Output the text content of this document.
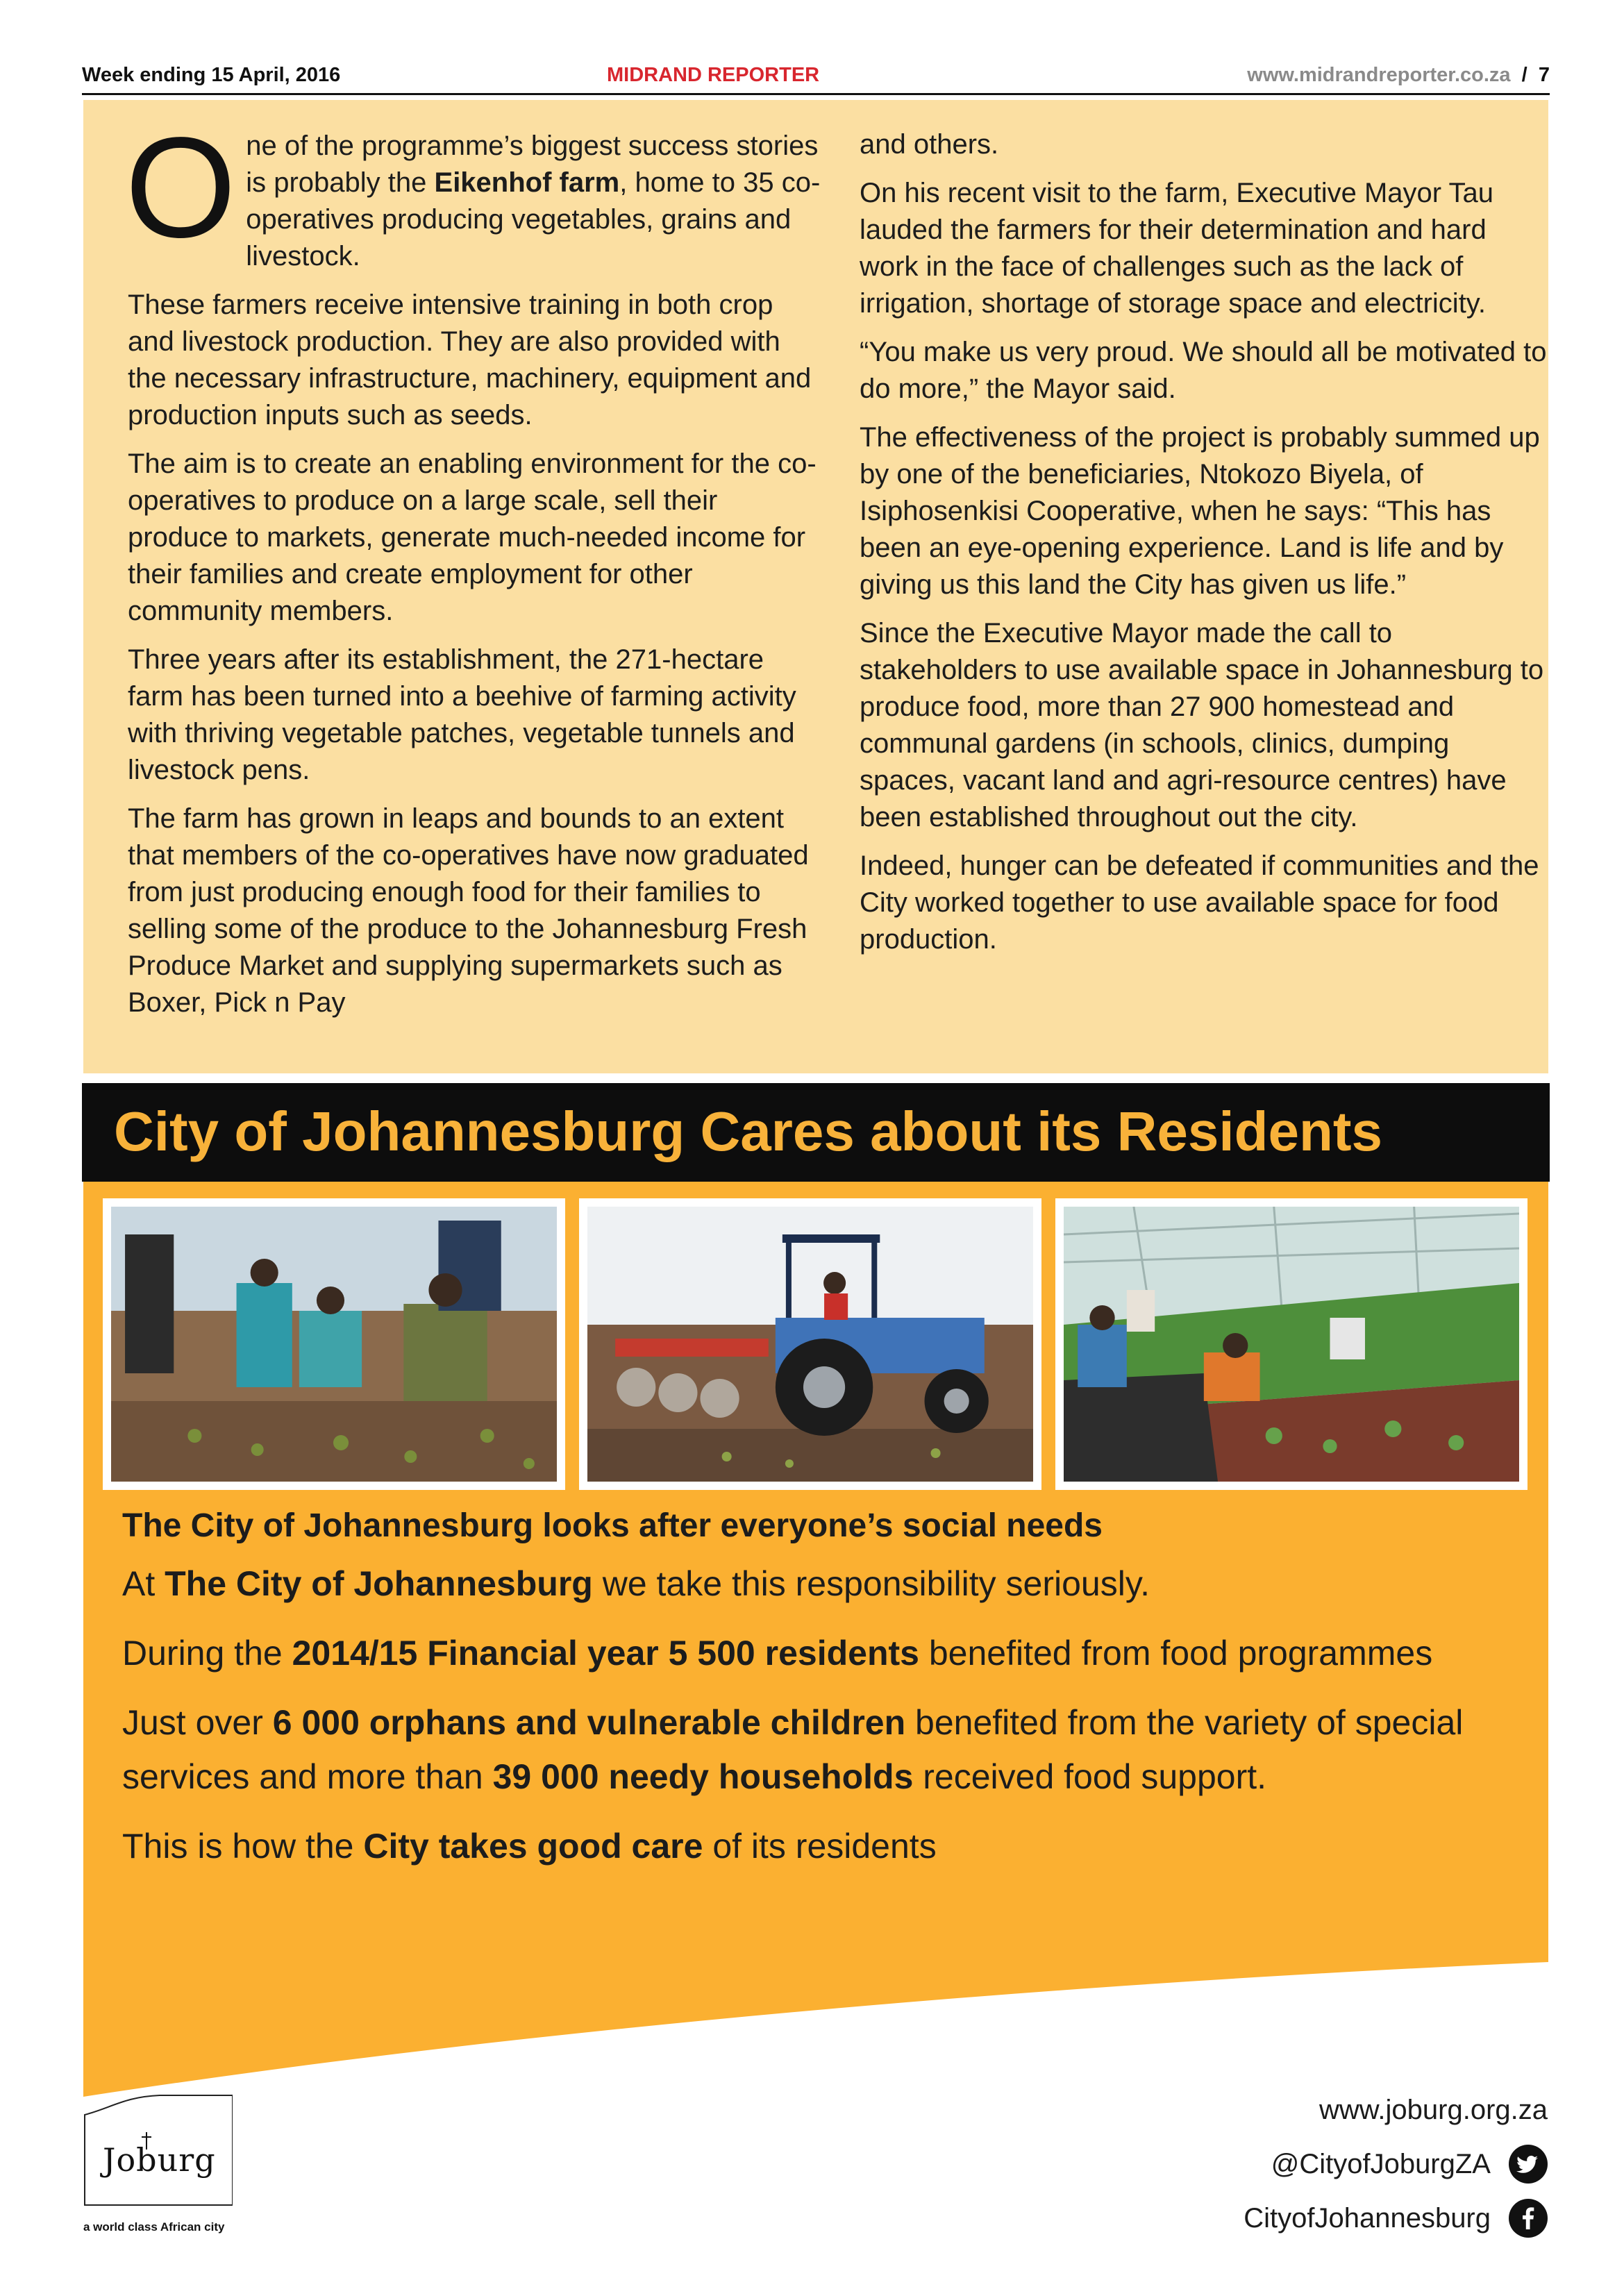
Week ending 15 April, 2016	MIDRAND REPORTER	www.midrandreporter.co.za / 7

One of the programme’s biggest success stories is probably the Eikenhof farm, home to 35 co-operatives producing vegetables, grains and livestock.

These farmers receive intensive training in both crop and livestock production. They are also provided with the necessary infrastructure, machinery, equipment and production inputs such as seeds.

The aim is to create an enabling environment for the co-operatives to produce on a large scale, sell their produce to markets, generate much-needed income for their families and create employment for other community members.

Three years after its establishment, the 271-hectare farm has been turned into a beehive of farming activity with thriving vegetable patches, vegetable tunnels and livestock pens.

The farm has grown in leaps and bounds to an extent that members of the co-operatives have now graduated from just producing enough food for their families to selling some of the produce to the Johannesburg Fresh Produce Market and supplying supermarkets such as Boxer, Pick n Pay

and others.

On his recent visit to the farm, Executive Mayor Tau lauded the farmers for their determination and hard work in the face of challenges such as the lack of irrigation, shortage of storage space and electricity.

“You make us very proud. We should all be motivated to do more,” the Mayor said.

The effectiveness of the project is probably summed up by one of the beneficiaries, Ntokozo Biyela, of Isiphosenkisi Cooperative, when he says: “This has been an eye-opening experience. Land is life and by giving us this land the City has given us life.”

Since the Executive Mayor made the call to stakeholders to use available space in Johannesburg to produce food, more than 27 900 homestead and communal gardens (in schools, clinics, dumping spaces, vacant land and agri-resource centres) have been established throughout out the city.

Indeed, hunger can be defeated if communities and the City worked together to use available space for food production.

City of Johannesburg Cares about its Residents
The City of Johannesburg looks after everyone’s social needs

At The City of Johannesburg we take this responsibility seriously.

During the 2014/15 Financial year 5 500 residents benefited from food programmes

Just over 6 000 orphans and vulnerable children benefited from the variety of special services and more than 39 000 needy households received food support.

This is how the City takes good care of its residents

Joburg
a world class African city
www.joburg.org.za
@CityofJoburgZA
CityofJohannesburg
